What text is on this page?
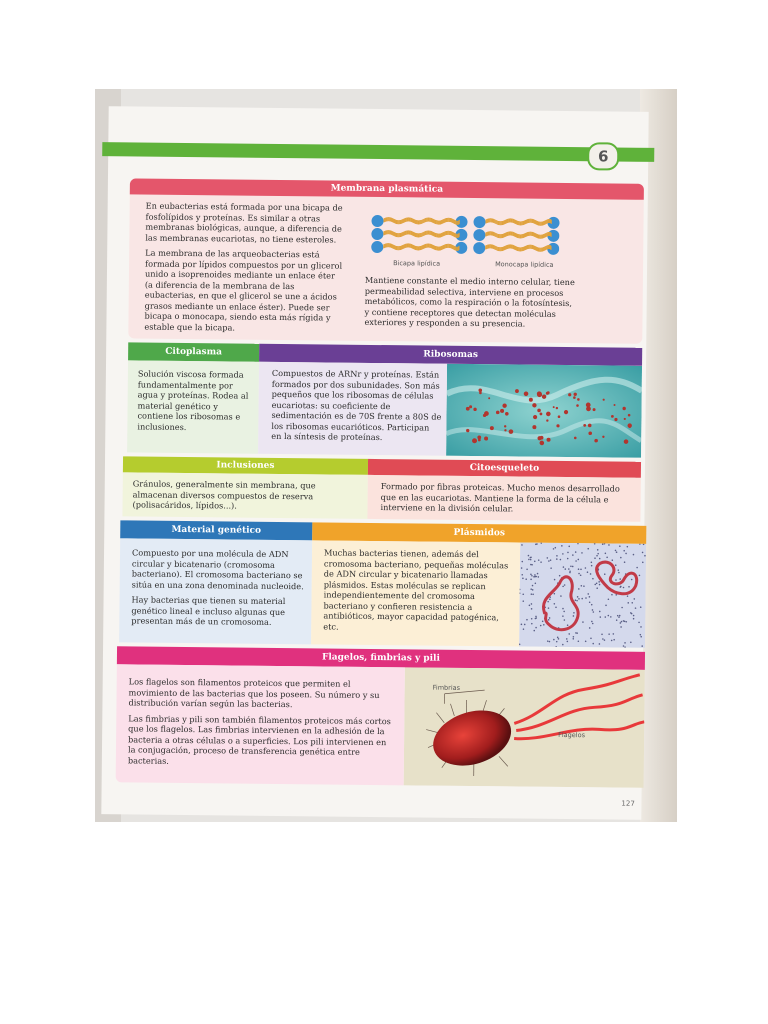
6
Membrana plasmática

En eubacterias está formada por una bicapa de fosfolípidos y proteínas. Es similar a otras membranas biológicas, aunque, a diferencia de las membranas eucariotas, no tiene esteroles.

La membrana de las arqueobacterias está formada por lípidos compuestos por un glicerol unido a isoprenoides mediante un enlace éter (a diferencia de la membrana de las eubacterias, en que el glicerol se une a ácidos grasos mediante un enlace éster). Puede ser bicapa o monocapa, siendo esta más rígida y estable que la bicapa.

Bicapa lipídica	Monocapa lipídica
Mantiene constante el medio interno celular, tiene permeabilidad selectiva, interviene en procesos metabólicos, como la respiración o la fotosíntesis, y contiene receptores que detectan moléculas exteriores y responden a su presencia.
Citoplasma
Solución viscosa formada fundamentalmente por agua y proteínas. Rodea al material genético y contiene los ribosomas e inclusiones.
Ribosomas
Compuestos de ARNr y proteínas. Están formados por dos subunidades. Son más pequeños que los ribosomas de células eucariotas: su coeficiente de sedimentación es de 70S frente a 80S de los ribosomas eucarióticos. Participan en la síntesis de proteínas.
Inclusiones
Gránulos, generalmente sin membrana, que almacenan diversos compuestos de reserva (polisacáridos, lípidos...).
Citoesqueleto
Formado por fibras proteicas. Mucho menos desarrollado que en las eucariotas. Mantiene la forma de la célula e interviene en la división celular.
Material genético

Compuesto por una molécula de ADN circular y bicatenario (cromosoma bacteriano). El cromosoma bacteriano se sitúa en una zona denominada nucleoide.

Hay bacterias que tienen su material genético lineal e incluso algunas que presentan más de un cromosoma.

Plásmidos
Muchas bacterias tienen, además del cromosoma bacteriano, pequeñas moléculas de ADN circular y bicatenario llamadas plásmidos. Estas moléculas se replican independientemente del cromosoma bacteriano y confieren resistencia a antibióticos, mayor capacidad patogénica, etc.
Flagelos, fimbrias y pili

Los flagelos son filamentos proteicos que permiten el movimiento de las bacterias que los poseen. Su número y su distribución varían según las bacterias.

Las fimbrias y pili son también filamentos proteicos más cortos que los flagelos. Las fimbrias intervienen en la adhesión de la bacteria a otras células o a superficies. Los pili intervienen en la conjugación, proceso de transferencia genética entre bacterias.

Fimbrias
Flagelos
127
